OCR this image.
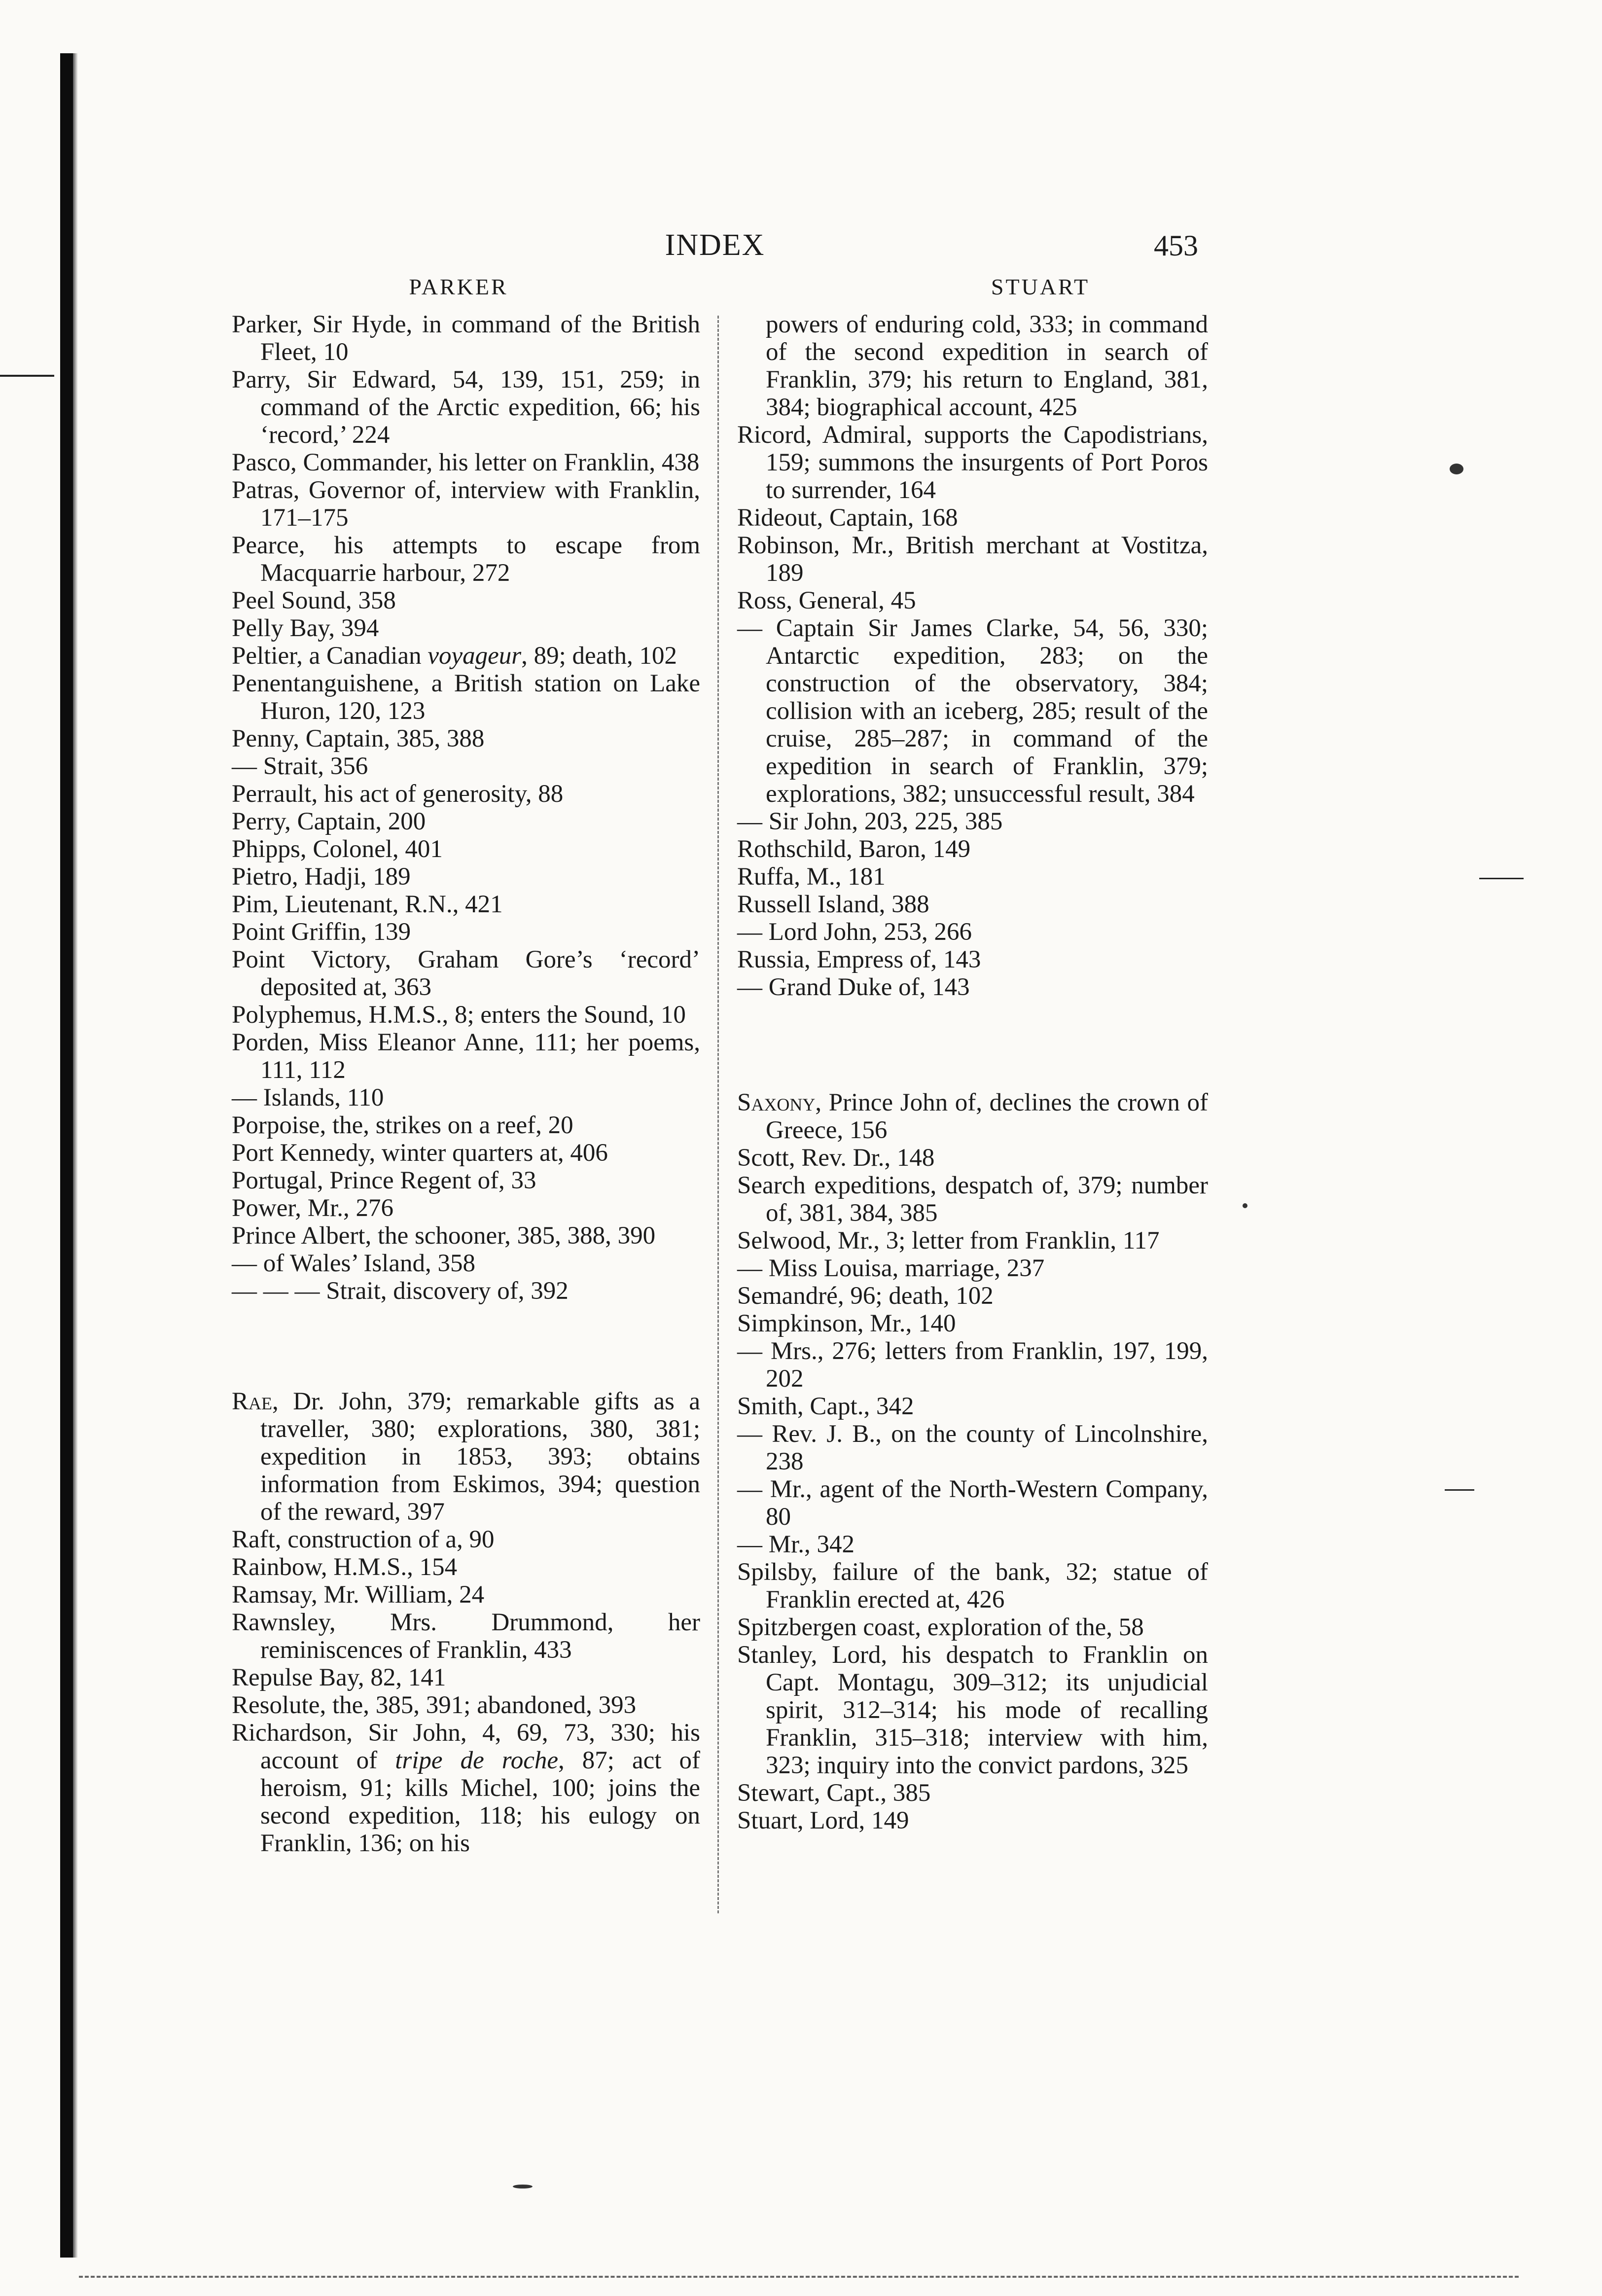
INDEX	453
PARKER	STUART
Parker, Sir Hyde, in command of the British Fleet, 10
Parry, Sir Edward, 54, 139, 151, 259; in command of the Arctic expedition, 66; his ‘record,’ 224
Pasco, Commander, his letter on Franklin, 438
Patras, Governor of, interview with Franklin, 171–175
Pearce, his attempts to escape from Macquarrie harbour, 272
Peel Sound, 358
Pelly Bay, 394
Peltier, a Canadian voyageur, 89; death, 102
Penentanguishene, a British station on Lake Huron, 120, 123
Penny, Captain, 385, 388
— Strait, 356
Perrault, his act of generosity, 88
Perry, Captain, 200
Phipps, Colonel, 401
Pietro, Hadji, 189
Pim, Lieutenant, R.N., 421
Point Griffin, 139
Point Victory, Graham Gore’s ‘record’ deposited at, 363
Polyphemus, H.M.S., 8; enters the Sound, 10
Porden, Miss Eleanor Anne, 111; her poems, 111, 112
— Islands, 110
Porpoise, the, strikes on a reef, 20
Port Kennedy, winter quarters at, 406
Portugal, Prince Regent of, 33
Power, Mr., 276
Prince Albert, the schooner, 385, 388, 390
— of Wales’ Island, 358
— — — Strait, discovery of, 392
Rae, Dr. John, 379; remarkable gifts as a traveller, 380; explorations, 380, 381; expedition in 1853, 393; obtains information from Eskimos, 394; question of the reward, 397
Raft, construction of a, 90
Rainbow, H.M.S., 154
Ramsay, Mr. William, 24
Rawnsley, Mrs. Drummond, her reminiscences of Franklin, 433
Repulse Bay, 82, 141
Resolute, the, 385, 391; abandoned, 393
Richardson, Sir John, 4, 69, 73, 330; his account of tripe de roche, 87; act of heroism, 91; kills Michel, 100; joins the second expedition, 118; his eulogy on Franklin, 136; on his
powers of enduring cold, 333; in command of the second expedition in search of Franklin, 379; his return to England, 381, 384; biographical account, 425
Ricord, Admiral, supports the Capodistrians, 159; summons the insurgents of Port Poros to surrender, 164
Rideout, Captain, 168
Robinson, Mr., British merchant at Vostitza, 189
Ross, General, 45
— Captain Sir James Clarke, 54, 56, 330; Antarctic expedition, 283; on the construction of the observatory, 384; collision with an iceberg, 285; result of the cruise, 285–287; in command of the expedition in search of Franklin, 379; explorations, 382; unsuccessful result, 384
— Sir John, 203, 225, 385
Rothschild, Baron, 149
Ruffa, M., 181
Russell Island, 388
— Lord John, 253, 266
Russia, Empress of, 143
— Grand Duke of, 143
Saxony, Prince John of, declines the crown of Greece, 156
Scott, Rev. Dr., 148
Search expeditions, despatch of, 379; number of, 381, 384, 385
Selwood, Mr., 3; letter from Franklin, 117
— Miss Louisa, marriage, 237
Semandré, 96; death, 102
Simpkinson, Mr., 140
— Mrs., 276; letters from Franklin, 197, 199, 202
Smith, Capt., 342
— Rev. J. B., on the county of Lincolnshire, 238
— Mr., agent of the North-Western Company, 80
— Mr., 342
Spilsby, failure of the bank, 32; statue of Franklin erected at, 426
Spitzbergen coast, exploration of the, 58
Stanley, Lord, his despatch to Franklin on Capt. Montagu, 309–312; its unjudicial spirit, 312–314; his mode of recalling Franklin, 315–318; interview with him, 323; inquiry into the convict pardons, 325
Stewart, Capt., 385
Stuart, Lord, 149
